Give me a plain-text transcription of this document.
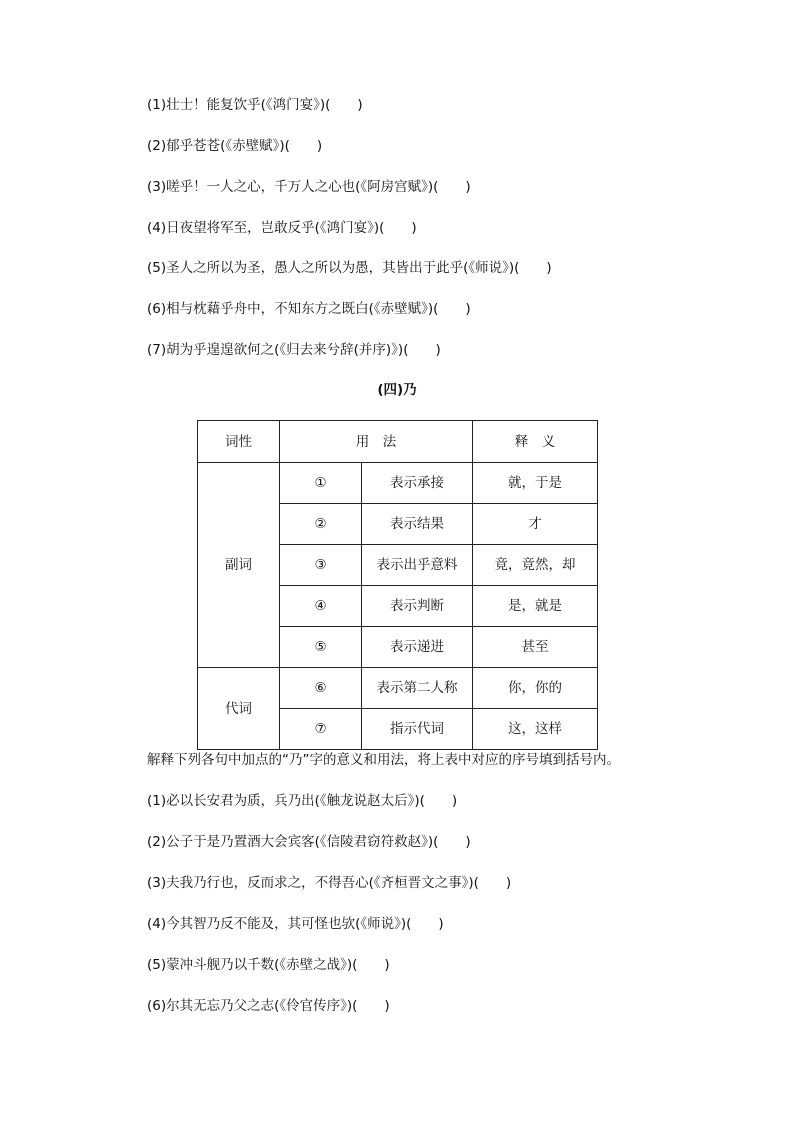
(1)壮士！能复饮乎(《鸿门宴》)(　　)
(2)郁乎苍苍(《赤壁赋》)(　　)
(3)嗟乎！一人之心，千万人之心也(《阿房宫赋》)(　　)
(4)日夜望将军至，岂敢反乎(《鸿门宴》)(　　)
(5)圣人之所以为圣，愚人之所以为愚，其皆出于此乎(《师说》)(　　)
(6)相与枕藉乎舟中，不知东方之既白(《赤壁赋》)(　　)
(7)胡为乎遑遑欲何之(《归去来兮辞(并序)》)(　　)
(四)乃
词性	用　法		释　义
副词	①	表示承接	就，于是
	②	表示结果	才
	③	表示出乎意料	竟，竟然，却
	④	表示判断	是，就是
	⑤	表示递进	甚至
代词	⑥	表示第二人称	你，你的
	⑦	指示代词	这，这样
解释下列各句中加点的“乃”字的意义和用法，将上表中对应的序号填到括号内。
(1)必以长安君为质，兵乃出(《触龙说赵太后》)(　　)
(2)公子于是乃置酒大会宾客(《信陵君窃符救赵》)(　　)
(3)夫我乃行也，反而求之，不得吾心(《齐桓晋文之事》)(　　)
(4)今其智乃反不能及，其可怪也欤(《师说》)(　　)
(5)蒙冲斗舰乃以千数(《赤壁之战》)(　　)
(6)尔其无忘乃父之志(《伶官传序》)(　　)
